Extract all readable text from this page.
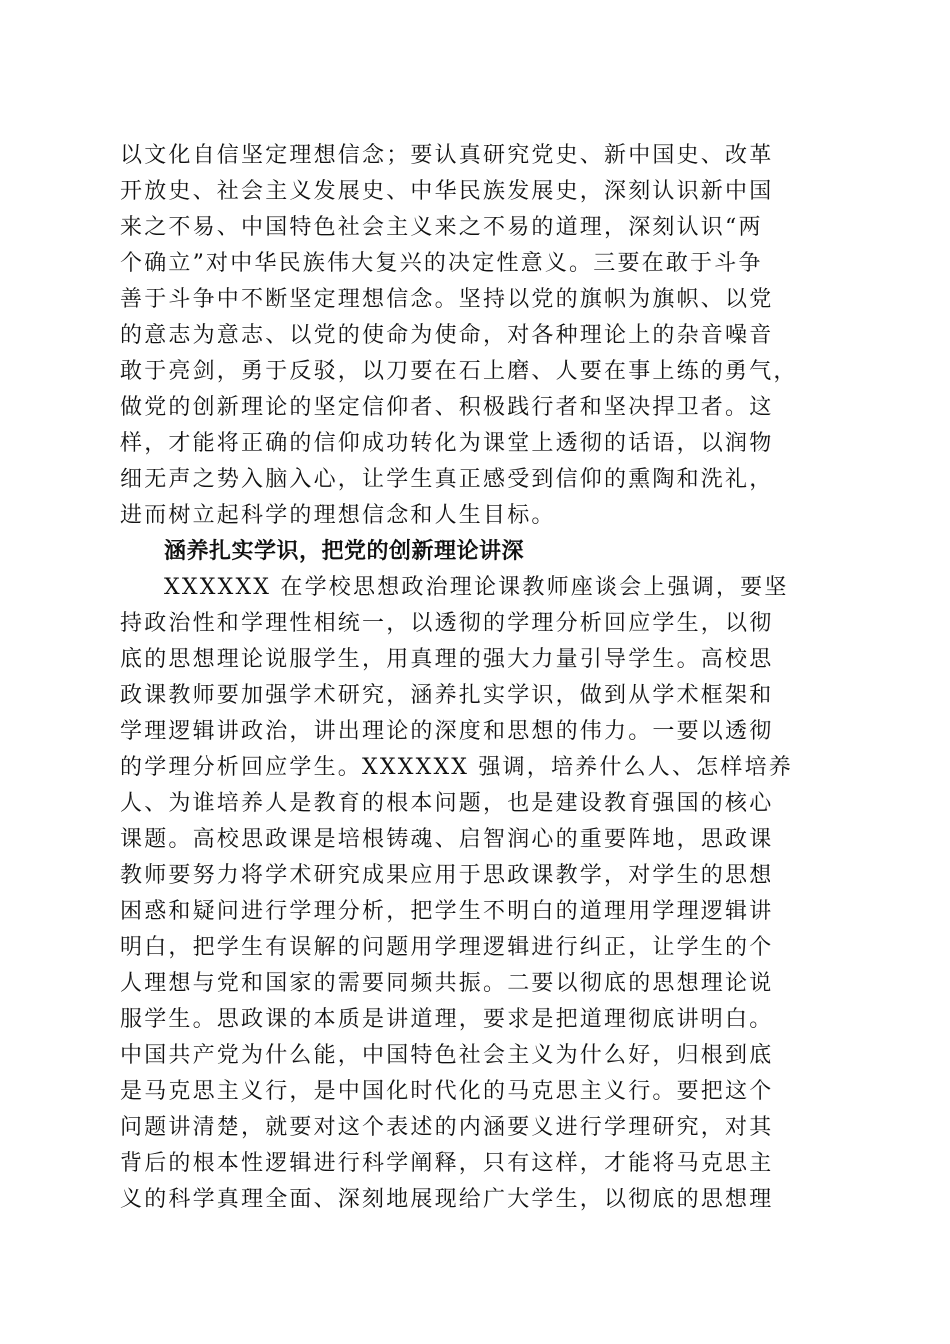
以文化自信坚定理想信念；要认真研究党史、新中国史、改革
开放史、社会主义发展史、中华民族发展史，深刻认识新中国
来之不易、中国特色社会主义来之不易的道理，深刻认识“两
个确立”对中华民族伟大复兴的决定性意义。三要在敢于斗争
善于斗争中不断坚定理想信念。坚持以党的旗帜为旗帜、以党
的意志为意志、以党的使命为使命，对各种理论上的杂音噪音
敢于亮剑，勇于反驳，以刀要在石上磨、人要在事上练的勇气，
做党的创新理论的坚定信仰者、积极践行者和坚决捍卫者。这
样，才能将正确的信仰成功转化为课堂上透彻的话语，以润物
细无声之势入脑入心，让学生真正感受到信仰的熏陶和洗礼，
进而树立起科学的理想信念和人生目标。
涵养扎实学识，把党的创新理论讲深
XXXXXX 在学校思想政治理论课教师座谈会上强调，要坚
持政治性和学理性相统一，以透彻的学理分析回应学生，以彻
底的思想理论说服学生，用真理的强大力量引导学生。高校思
政课教师要加强学术研究，涵养扎实学识，做到从学术框架和
学理逻辑讲政治，讲出理论的深度和思想的伟力。一要以透彻
的学理分析回应学生。XXXXXX 强调，培养什么人、怎样培养
人、为谁培养人是教育的根本问题，也是建设教育强国的核心
课题。高校思政课是培根铸魂、启智润心的重要阵地，思政课
教师要努力将学术研究成果应用于思政课教学，对学生的思想
困惑和疑问进行学理分析，把学生不明白的道理用学理逻辑讲
明白，把学生有误解的问题用学理逻辑进行纠正，让学生的个
人理想与党和国家的需要同频共振。二要以彻底的思想理论说
服学生。思政课的本质是讲道理，要求是把道理彻底讲明白。
中国共产党为什么能，中国特色社会主义为什么好，归根到底
是马克思主义行，是中国化时代化的马克思主义行。要把这个
问题讲清楚，就要对这个表述的内涵要义进行学理研究，对其
背后的根本性逻辑进行科学阐释，只有这样，才能将马克思主
义的科学真理全面、深刻地展现给广大学生，以彻底的思想理
